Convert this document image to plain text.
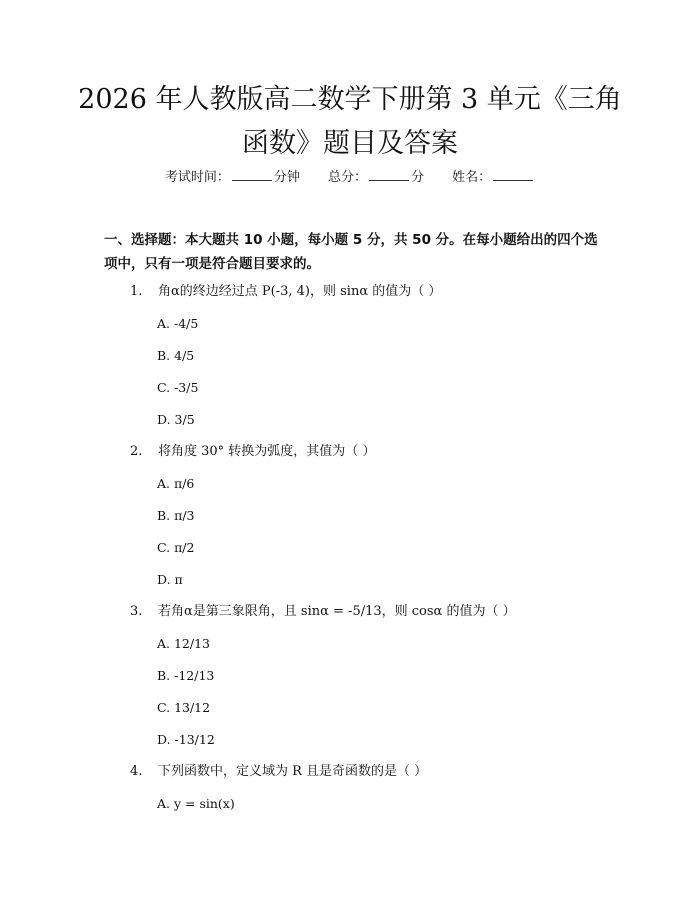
2026 年人教版高二数学下册第 3 单元《三角
函数》题目及答案
考试时间：	分钟 总分：	分 姓名：
一、选择题：本大题共 10 小题，每小题 5 分，共 50 分。在每小题给出的四个选项中，只有一项是符合题目要求的。
1. 角α的终边经过点 P(-3, 4)，则 sinα 的值为（ ）
A. -4/5
B. 4/5
C. -3/5
D. 3/5
2. 将角度 30° 转换为弧度，其值为（ ）
A. π/6
B. π/3
C. π/2
D. π
3. 若角α是第三象限角，且 sinα = -5/13，则 cosα 的值为（ ）
A. 12/13
B. -12/13
C. 13/12
D. -13/12
4. 下列函数中，定义域为 R 且是奇函数的是（ ）
A. y = sin(x)
